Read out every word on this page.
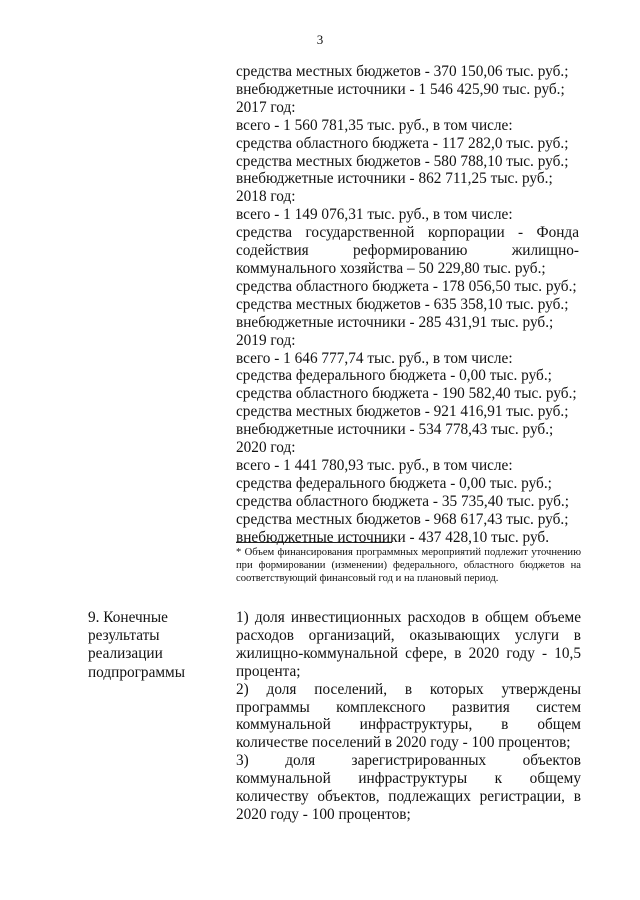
3
средства местных бюджетов - 370 150,06 тыс. руб.;
внебюджетные источники - 1 546 425,90 тыс. руб.;
2017 год:
всего - 1 560 781,35 тыс. руб., в том числе:
средства областного бюджета - 117 282,0 тыс. руб.;
средства местных бюджетов - 580 788,10 тыс. руб.;
внебюджетные источники - 862 711,25 тыс. руб.;
2018 год:
всего - 1 149 076,31 тыс. руб., в том числе:
средства государственной корпорации - Фонда
содействия реформированию жилищно-
коммунального хозяйства – 50 229,80 тыс. руб.;
средства областного бюджета - 178 056,50 тыс. руб.;
средства местных бюджетов - 635 358,10 тыс. руб.;
внебюджетные источники - 285 431,91 тыс. руб.;
2019 год:
всего - 1 646 777,74 тыс. руб., в том числе:
средства федерального бюджета - 0,00 тыс. руб.;
средства областного бюджета - 190 582,40 тыс. руб.;
средства местных бюджетов - 921 416,91 тыс. руб.;
внебюджетные источники - 534 778,43 тыс. руб.;
2020 год:
всего - 1 441 780,93 тыс. руб., в том числе:
средства федерального бюджета - 0,00 тыс. руб.;
средства областного бюджета - 35 735,40 тыс. руб.;
средства местных бюджетов - 968 617,43 тыс. руб.;
внебюджетные источники - 437 428,10 тыс. руб.
* Объем финансирования программных мероприятий подлежит уточнению при формировании (изменении) федерального, областного бюджетов на соответствующий финансовый год и на плановый период.
9. Конечные результаты реализации подпрограммы
1) доля инвестиционных расходов в общем объеме расходов организаций, оказывающих услуги в жилищно-коммунальной сфере, в 2020 году - 10,5 процента;
2) доля поселений, в которых утверждены программы комплексного развития систем коммунальной инфраструктуры, в общем количестве поселений в 2020 году - 100 процентов;
3) доля зарегистрированных объектов коммунальной инфраструктуры к общему количеству объектов, подлежащих регистрации, в 2020 году - 100 процентов;
